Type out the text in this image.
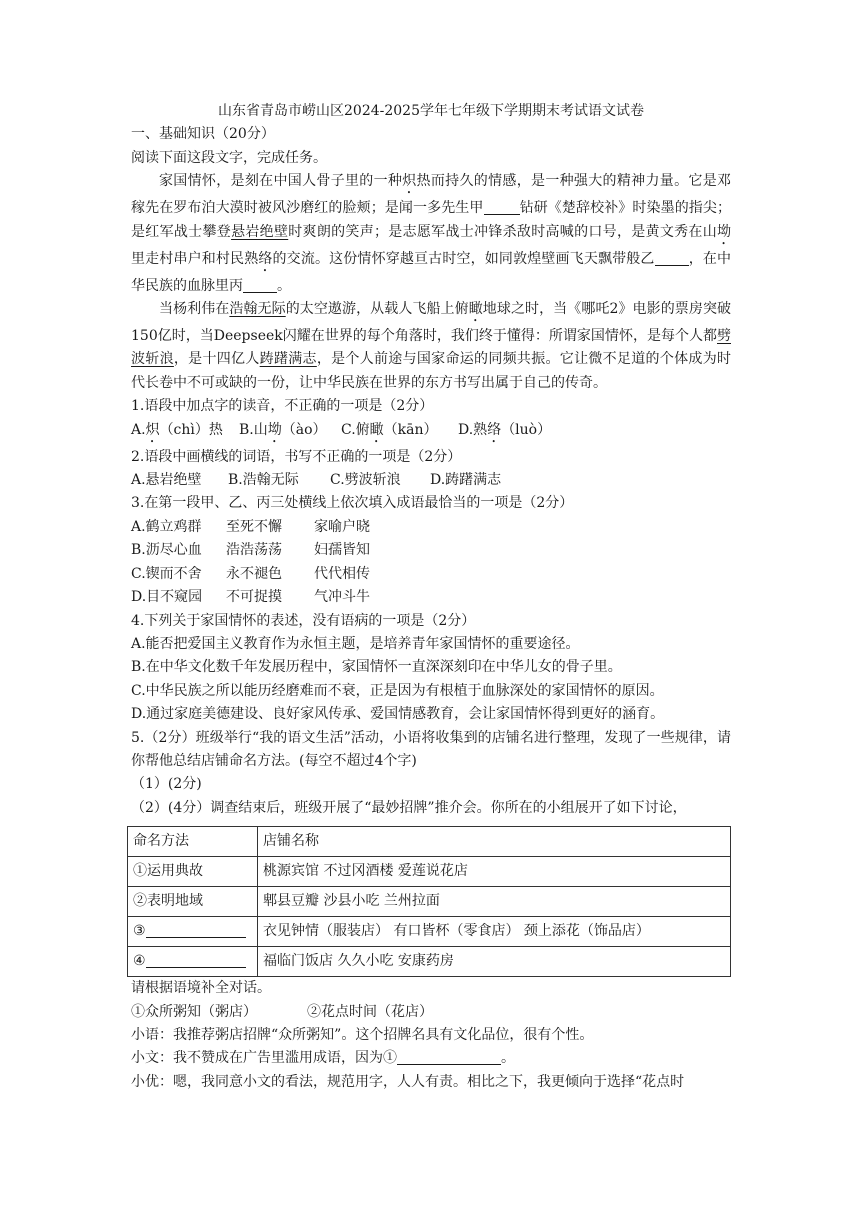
山东省青岛市崂山区2024-2025学年七年级下学期期末考试语文试卷

一、基础知识（20分）

阅读下面这段文字，完成任务。

家国情怀，是刻在中国人骨子里的一种炽热而持久的情感，是一种强大的精神力量。它是邓稼先在罗布泊大漠时被风沙磨红的脸颊；是闻一多先生甲	钻研《楚辞校补》时染墨的指尖；是红军战士攀登悬岩绝壁时爽朗的笑声；是志愿军战士冲锋杀敌时高喊的口号，是黄文秀在山坳里走村串户和村民熟络的交流。这份情怀穿越亘古时空，如同敦煌壁画飞天飘带般乙 ，在中华民族的血脉里丙 。

当杨利伟在浩翰无际的太空遨游，从载人飞船上俯瞰地球之时，当《哪吒2》电影的票房突破150亿时，当Deepseek闪耀在世界的每个角落时，我们终于懂得：所谓家国情怀，是每个人都劈波斩浪，是十四亿人踌躇满志，是个人前途与国家命运的同频共振。它让微不足道的个体成为时代长卷中不可或缺的一份，让中华民族在世界的东方书写出属于自己的传奇。

1.语段中加点字的读音，不正确的一项是（2分）

A.炽（chì）热	B.山坳（ào）	C.俯瞰（kān）	D.熟络（luò）

2.语段中画横线的词语，书写不正确的一项是（2分）

A.悬岩绝壁	B.浩翰无际	C.劈波斩浪	D.踌躇满志

3.在第一段甲、乙、丙三处横线上依次填入成语最恰当的一项是（2分）

A.鹤立鸡群	至死不懈	家喻户晓

B.沥尽心血	浩浩荡荡	妇孺皆知

C.锲而不舍	永不褪色	代代相传

D.目不窥园	不可捉摸	气冲斗牛

4.下列关于家国情怀的表述，没有语病的一项是（2分）

A.能否把爱国主义教育作为永恒主题，是培养青年家国情怀的重要途径。

B.在中华文化数千年发展历程中，家国情怀一直深深刻印在中华儿女的骨子里。

C.中华民族之所以能历经磨难而不衰，正是因为有根植于血脉深处的家国情怀的原因。

D.通过家庭美德建设、良好家风传承、爱国情感教育，会让家国情怀得到更好的涵育。

5.（2分）班级举行“我的语文生活”活动，小语将收集到的店铺名进行整理，发现了一些规律，请你帮他总结店铺命名方法。(每空不超过4个字)

（1）(2分)

（2）(4分）调查结束后，班级开展了“最妙招牌”推介会。你所在的小组展开了如下讨论，

命名方法	店铺名称
①运用典故	桃源宾馆 不过冈酒楼 爱莲说花店
②表明地域	郫县豆瓣 沙县小吃 兰州拉面
③	衣见钟情（服装店） 有口皆杯（零食店） 颈上添花（饰品店）
④	福临门饭店 久久小吃 安康药房

请根据语境补全对话。

①众所粥知（粥店）	②花点时间（花店）

小语：我推荐粥店招牌“众所粥知”。这个招牌名具有文化品位，很有个性。

小文：我不赞成在广告里滥用成语，因为①	。

小优：嗯，我同意小文的看法，规范用字，人人有责。相比之下，我更倾向于选择“花点时
